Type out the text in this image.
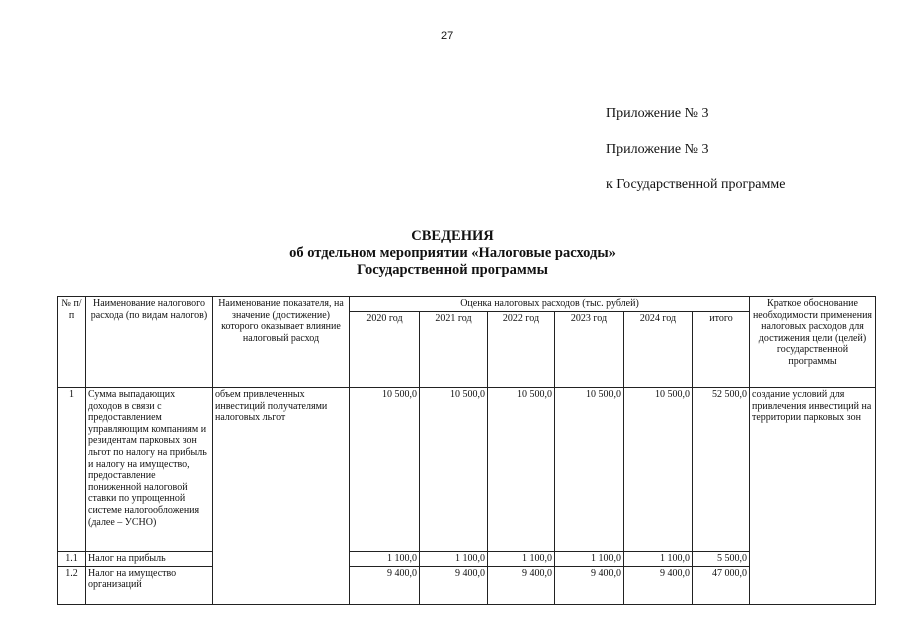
27
Приложение № 3
Приложение № 3
к Государственной программе
СВЕДЕНИЯ
об отдельном мероприятии «Налоговые расходы»
Государственной программы
№ п/п	Наименование налогового расхода (по видам налогов)	Наименование показателя, на значение (достижение) которого оказывает влияние налоговый расход	Оценка налоговых расходов (тыс. рублей)						Краткое обоснование необходимости применения налоговых расходов для достижения цели (целей) государственной программы
			2020 год	2021 год	2022 год	2023 год	2024 год	итого	
1	Сумма выпадающих доходов в связи с предоставлением управляющим компаниям и резидентам парковых зон льгот по налогу на прибыль и налогу на имущество, предоставление пониженной налоговой ставки по упрощенной системе налогообложения (далее – УСНО)	объем привлеченных инвестиций получателями налоговых льгот	10 500,0	10 500,0	10 500,0	10 500,0	10 500,0	52 500,0	создание условий для привлечения инвестиций на территории парковых зон
1.1	Налог на прибыль		1 100,0	1 100,0	1 100,0	1 100,0	1 100,0	5 500,0	
1.2	Налог на имущество организаций		9 400,0	9 400,0	9 400,0	9 400,0	9 400,0	47 000,0	
